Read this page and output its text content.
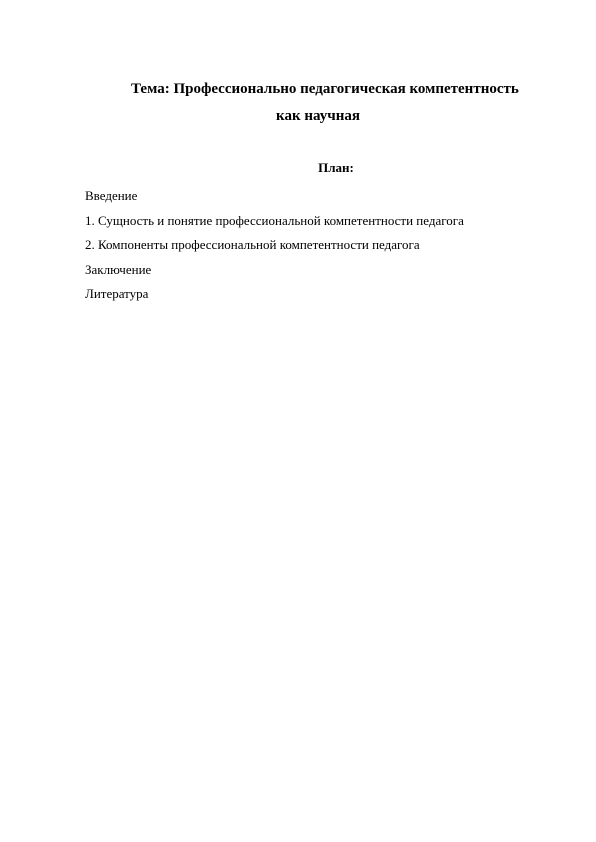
Тема: Профессионально педагогическая компетентность
как научная
План:
Введение
1. Сущность и понятие профессиональной компетентности педагога
2. Компоненты профессиональной компетентности педагога
Заключение
Литература
